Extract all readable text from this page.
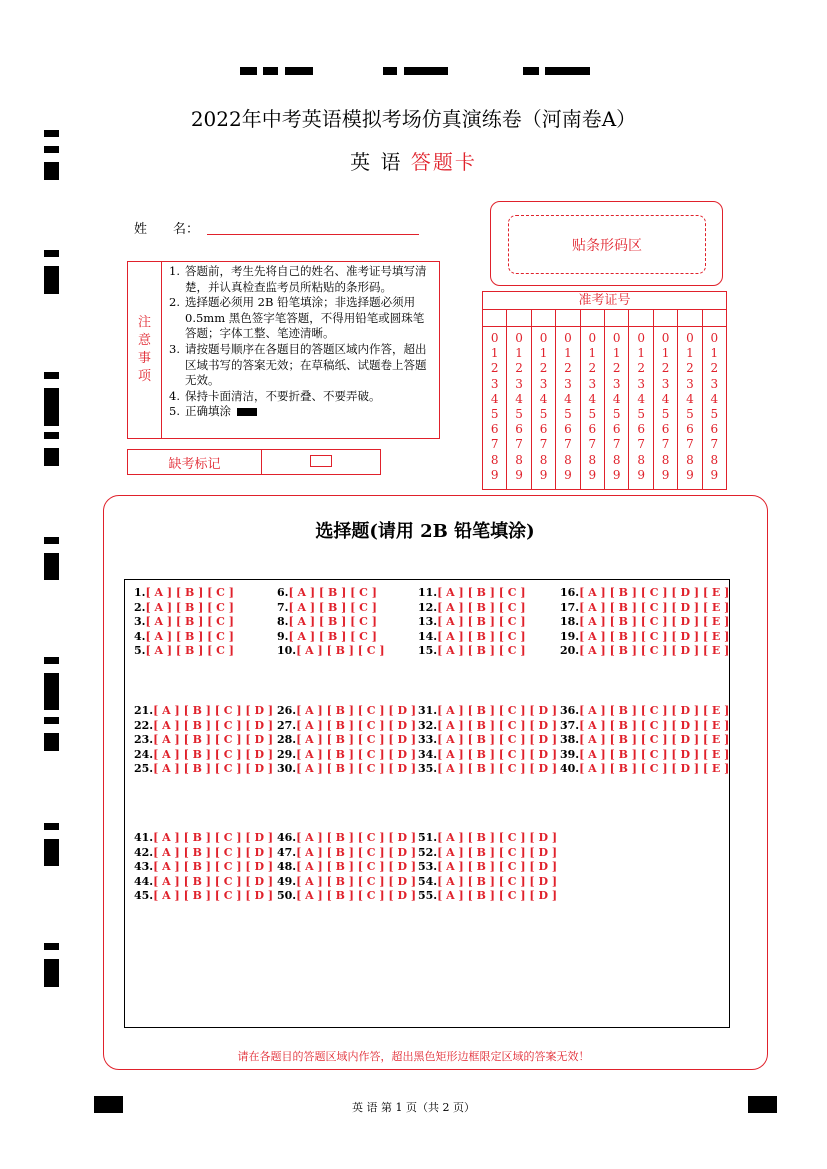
2022年中考英语模拟考场仿真演练卷（河南卷A）
英 语 答题卡
姓　　名：
贴条形码区
注
意
事
项
1. 答题前，考生先将自己的姓名、准考证号填写清楚，并认真检查监考员所粘贴的条形码。
2. 选择题必须用 2B 铅笔填涂；非选择题必须用 0.5mm 黑色签字笔答题，不得用铅笔或圆珠笔答题；字体工整、笔迹清晰。
3. 请按题号顺序在各题目的答题区域内作答，超出区域书写的答案无效；在草稿纸、试题卷上答题无效。
4. 保持卡面清洁，不要折叠、不要弄破。
5. 正确填涂
缺考标记
准考证号
0
1
2
3
4
5
6
7
8
9
0
1
2
3
4
5
6
7
8
9
0
1
2
3
4
5
6
7
8
9
0
1
2
3
4
5
6
7
8
9
0
1
2
3
4
5
6
7
8
9
0
1
2
3
4
5
6
7
8
9
0
1
2
3
4
5
6
7
8
9
0
1
2
3
4
5
6
7
8
9
0
1
2
3
4
5
6
7
8
9
0
1
2
3
4
5
6
7
8
9
选择题(请用 2B 铅笔填涂)
请在各题目的答题区域内作答，超出黑色矩形边框限定区域的答案无效！
英 语 第 1 页（共 2 页）
1.[ A ] [ B ] [ C ]
2.[ A ] [ B ] [ C ]
3.[ A ] [ B ] [ C ]
4.[ A ] [ B ] [ C ]
5.[ A ] [ B ] [ C ]
6.[ A ] [ B ] [ C ]
7.[ A ] [ B ] [ C ]
8.[ A ] [ B ] [ C ]
9.[ A ] [ B ] [ C ]
10.[ A ] [ B ] [ C ]
11.[ A ] [ B ] [ C ]
12.[ A ] [ B ] [ C ]
13.[ A ] [ B ] [ C ]
14.[ A ] [ B ] [ C ]
15.[ A ] [ B ] [ C ]
16.[ A ] [ B ] [ C ] [ D ] [ E ]
17.[ A ] [ B ] [ C ] [ D ] [ E ]
18.[ A ] [ B ] [ C ] [ D ] [ E ]
19.[ A ] [ B ] [ C ] [ D ] [ E ]
20.[ A ] [ B ] [ C ] [ D ] [ E ]
21.[ A ] [ B ] [ C ] [ D ]
22.[ A ] [ B ] [ C ] [ D ]
23.[ A ] [ B ] [ C ] [ D ]
24.[ A ] [ B ] [ C ] [ D ]
25.[ A ] [ B ] [ C ] [ D ]
26.[ A ] [ B ] [ C ] [ D ]
27.[ A ] [ B ] [ C ] [ D ]
28.[ A ] [ B ] [ C ] [ D ]
29.[ A ] [ B ] [ C ] [ D ]
30.[ A ] [ B ] [ C ] [ D ]
31.[ A ] [ B ] [ C ] [ D ]
32.[ A ] [ B ] [ C ] [ D ]
33.[ A ] [ B ] [ C ] [ D ]
34.[ A ] [ B ] [ C ] [ D ]
35.[ A ] [ B ] [ C ] [ D ]
36.[ A ] [ B ] [ C ] [ D ] [ E ]
37.[ A ] [ B ] [ C ] [ D ] [ E ]
38.[ A ] [ B ] [ C ] [ D ] [ E ]
39.[ A ] [ B ] [ C ] [ D ] [ E ]
40.[ A ] [ B ] [ C ] [ D ] [ E ]
41.[ A ] [ B ] [ C ] [ D ]
42.[ A ] [ B ] [ C ] [ D ]
43.[ A ] [ B ] [ C ] [ D ]
44.[ A ] [ B ] [ C ] [ D ]
45.[ A ] [ B ] [ C ] [ D ]
46.[ A ] [ B ] [ C ] [ D ]
47.[ A ] [ B ] [ C ] [ D ]
48.[ A ] [ B ] [ C ] [ D ]
49.[ A ] [ B ] [ C ] [ D ]
50.[ A ] [ B ] [ C ] [ D ]
51.[ A ] [ B ] [ C ] [ D ]
52.[ A ] [ B ] [ C ] [ D ]
53.[ A ] [ B ] [ C ] [ D ]
54.[ A ] [ B ] [ C ] [ D ]
55.[ A ] [ B ] [ C ] [ D ]
